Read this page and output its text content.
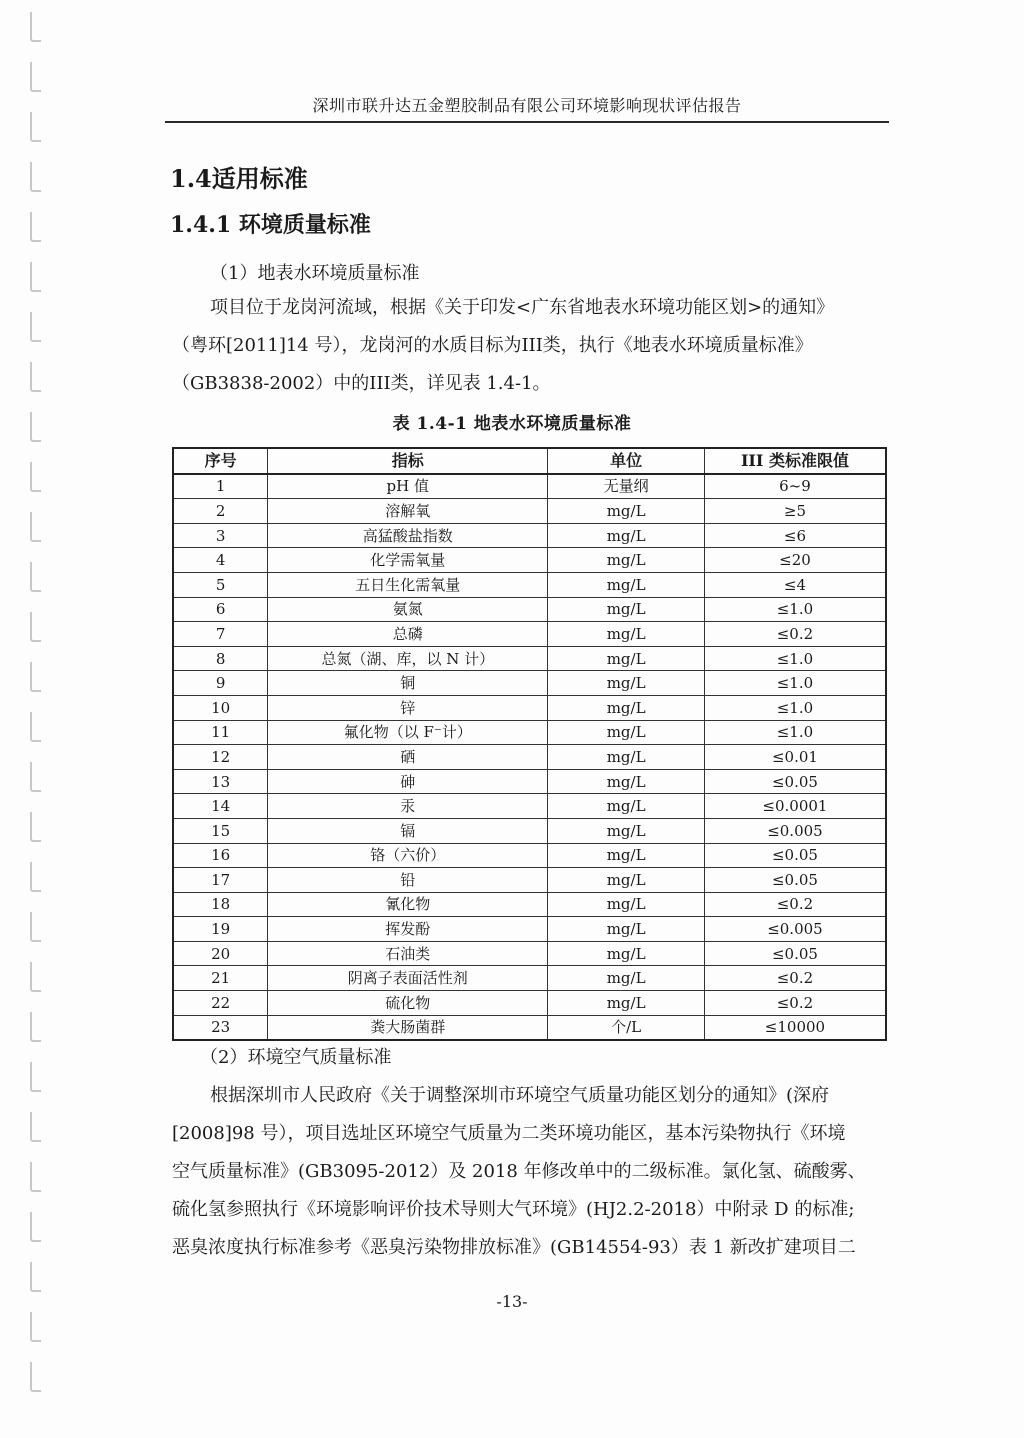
深圳市联升达五金塑胶制品有限公司环境影响现状评估报告
1.4适用标准
1.4.1 环境质量标准
（1）地表水环境质量标准
项目位于龙岗河流域，根据《关于印发<广东省地表水环境功能区划>的通知》
（粤环[2011]14 号），龙岗河的水质目标为III类，执行《地表水环境质量标准》
（GB3838-2002）中的III类，详见表 1.4-1。
表 1.4-1 地表水环境质量标准
序号	指标	单位	III 类标准限值
1	pH 值	无量纲	6~9
2	溶解氧	mg/L	≥5
3	高猛酸盐指数	mg/L	≤6
4	化学需氧量	mg/L	≤20
5	五日生化需氧量	mg/L	≤4
6	氨氮	mg/L	≤1.0
7	总磷	mg/L	≤0.2
8	总氮（湖、库，以 N 计）	mg/L	≤1.0
9	铜	mg/L	≤1.0
10	锌	mg/L	≤1.0
11	氟化物（以 F⁻计）	mg/L	≤1.0
12	硒	mg/L	≤0.01
13	砷	mg/L	≤0.05
14	汞	mg/L	≤0.0001
15	镉	mg/L	≤0.005
16	铬（六价）	mg/L	≤0.05
17	铅	mg/L	≤0.05
18	氰化物	mg/L	≤0.2
19	挥发酚	mg/L	≤0.005
20	石油类	mg/L	≤0.05
21	阴离子表面活性剂	mg/L	≤0.2
22	硫化物	mg/L	≤0.2
23	粪大肠菌群	个/L	≤10000
（2）环境空气质量标准
根据深圳市人民政府《关于调整深圳市环境空气质量功能区划分的通知》(深府
[2008]98 号），项目选址区环境空气质量为二类环境功能区，基本污染物执行《环境
空气质量标准》(GB3095-2012）及 2018 年修改单中的二级标准。氯化氢、硫酸雾、
硫化氢参照执行《环境影响评价技术导则大气环境》(HJ2.2-2018）中附录 D 的标准;
恶臭浓度执行标准参考《恶臭污染物排放标准》(GB14554-93）表 1 新改扩建项目二
-13-
